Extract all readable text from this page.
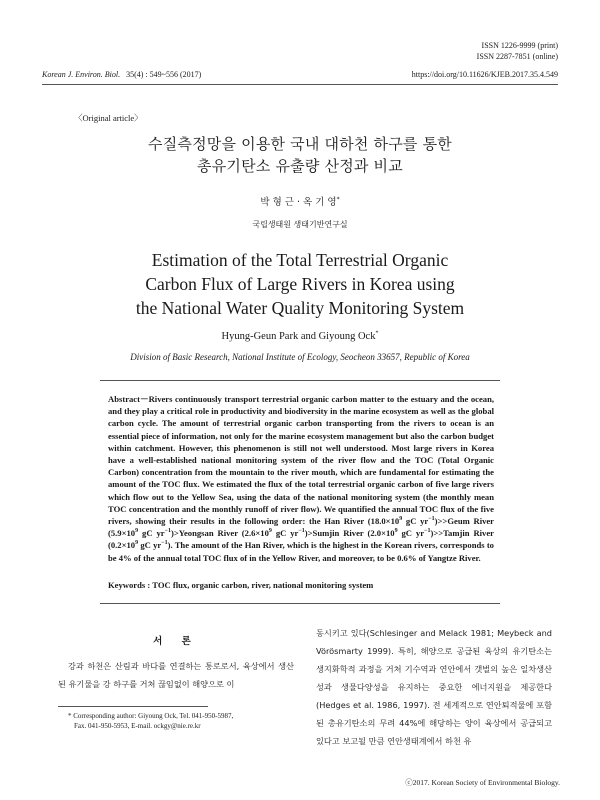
ISSN 1226-9999 (print)
ISSN 2287-7851 (online)
Korean J. Environ. Biol. 35(4) : 549~556 (2017)	https://doi.org/10.11626/KJEB.2017.35.4.549
〈Original article〉
수질측정망을 이용한 국내 대하천 하구를 통한
총유기탄소 유출량 산정과 비교
박 형 근 · 옥 기 영*
국립생태원 생태기반연구실
Estimation of the Total Terrestrial Organic
Carbon Flux of Large Rivers in Korea using
the National Water Quality Monitoring System
Hyung-Geun Park and Giyoung Ock*
Division of Basic Research, National Institute of Ecology, Seocheon 33657, Republic of Korea
Abstract－Rivers continuously transport terrestrial organic carbon matter to the estuary and the ocean, and they play a critical role in productivity and biodiversity in the marine ecosystem as well as the global carbon cycle. The amount of terrestrial organic carbon transporting from the rivers to ocean is an essential piece of information, not only for the marine ecosystem management but also the carbon budget within catchment. However, this phenomenon is still not well understood. Most large rivers in Korea have a well-established national monitoring system of the river flow and the TOC (Total Organic Carbon) concentration from the mountain to the river mouth, which are fundamental for estimating the amount of the TOC flux. We estimated the flux of the total terrestrial organic carbon of five large rivers which flow out to the Yellow Sea, using the data of the national monitoring system (the monthly mean TOC concentration and the monthly runoff of river flow). We quantified the annual TOC flux of the five rivers, showing their results in the following order: the Han River ($18.0\times 10^9$ gC $yr^{-1})>>Geum$ River ($5.9\times 10^9$ gC $yr^{-1})>Yeongsan$ River ($2.6\times 10^9$ gC $yr^{-1})>Sumjin$ River ($2.0\times 10^9$ gC $yr^{-1})>>Tamjin$ River ($0.2\times 10^9$ gC $yr^{-1}$). The amount of the Han River, which is the highest in the Korean rivers, corresponds to be 4% of the annual total TOC flux of in the Yellow River, and moreover, to be 0.6% of Yangtze River.
Keywords : TOC flux, organic carbon, river, national monitoring system
서 론
강과 하천은 산림과 바다를 연결하는 통로로서, 육상에서 생산된 유기물을 강 하구를 거쳐 끊임없이 해양으로 이
* Corresponding author: Giyoung Ock, Tel. 041-950-5987,
Fax. 041-950-5953, E-mail. ockgy@nie.re.kr
동시키고 있다(Schlesinger and Melack 1981; Meybeck and Vörösmarty 1999). 특히, 해양으로 공급된 육상의 유기탄소는 생지화학적 과정을 거쳐 기수역과 연안에서 갯벌의 높은 일차생산성과 생물다양성을 유지하는 중요한 에너지원을 제공한다(Hedges et al. 1986, 1997). 전 세계적으로 연안퇴적물에 포함된 총유기탄소의 무려 44%에 해당하는 양이 육상에서 공급되고 있다고 보고될 만큼 연안생태계에서 하천 유
ⓒ2017. Korean Society of Environmental Biology.
